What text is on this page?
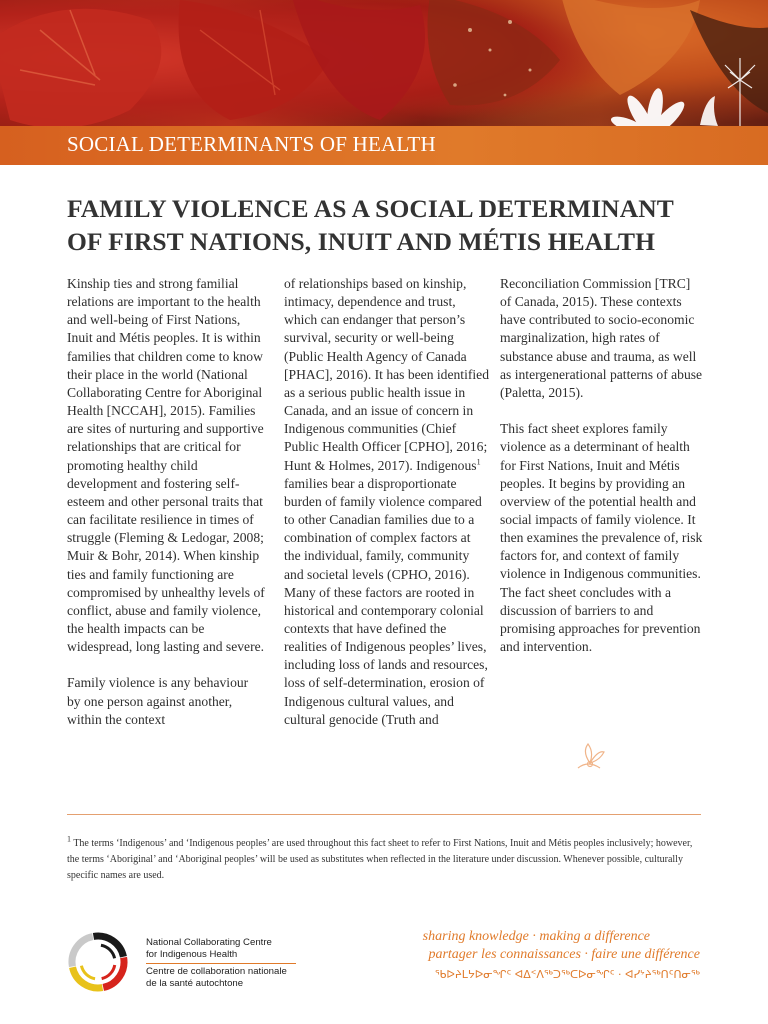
SOCIAL DETERMINANTS OF HEALTH
FAMILY VIOLENCE AS A SOCIAL DETERMINANT
OF FIRST NATIONS, INUIT AND MÉTIS HEALTH

Kinship ties and strong familial relations are important to the health and well-being of First Nations, Inuit and Métis peoples. It is within families that children come to know their place in the world (National Collaborating Centre for Aboriginal Health [NCCAH], 2015). Families are sites of nurturing and supportive relationships that are critical for promoting healthy child development and fostering self-esteem and other personal traits that can facilitate resilience in times of struggle (Fleming & Ledogar, 2008; Muir & Bohr, 2014). When kinship ties and family functioning are compromised by unhealthy levels of conflict, abuse and family violence, the health impacts can be widespread, long lasting and severe.

Family violence is any behaviour by one person against another, within the context

of relationships based on kinship, intimacy, dependence and trust, which can endanger that person’s survival, security or well-being (Public Health Agency of Canada [PHAC], 2016). It has been identified as a serious public health issue in Canada, and an issue of concern in Indigenous communities (Chief Public Health Officer [CPHO], 2016; Hunt & Holmes, 2017). Indigenous$^1$ families bear a disproportionate burden of family violence compared to other Canadian families due to a combination of complex factors at the individual, family, community and societal levels (CPHO, 2016). Many of these factors are rooted in historical and contemporary colonial contexts that have defined the realities of Indigenous peoples’ lives, including loss of lands and resources, loss of self-determination, erosion of Indigenous cultural values, and cultural genocide (Truth and

Reconciliation Commission [TRC] of Canada, 2015). These contexts have contributed to socio-economic marginalization, high rates of substance abuse and trauma, as well as intergenerational patterns of abuse (Paletta, 2015).

This fact sheet explores family violence as a determinant of health for First Nations, Inuit and Métis peoples. It begins by providing an overview of the potential health and social impacts of family violence. It then examines the prevalence of, risk factors for, and context of family violence in Indigenous communities. The fact sheet concludes with a discussion of barriers to and promising approaches for prevention and intervention.

$^1$ The terms ‘Indigenous’ and ‘Indigenous peoples’ are used throughout this fact sheet to refer to First Nations, Inuit and Métis peoples inclusively; however, the terms ‘Aboriginal’ and ‘Aboriginal peoples’ will be used as substitutes when reflected in the literature under discussion. Whenever possible, culturally specific names are used.
National Collaborating Centre
for Indigenous Health
Centre de collaboration nationale
de la santé autochtone
sharing knowledge · making a difference
partager les connaissances · faire une différence
ᖃᐅᔨᒪᔭᐅᓂᖏᑦ ᐊᐃᑉᐱᖅᑐᖅᑕᐅᓂᖏᑦ · ᐊᓯᔾᔨᖅᑎᑦᑎᓂᖅ
